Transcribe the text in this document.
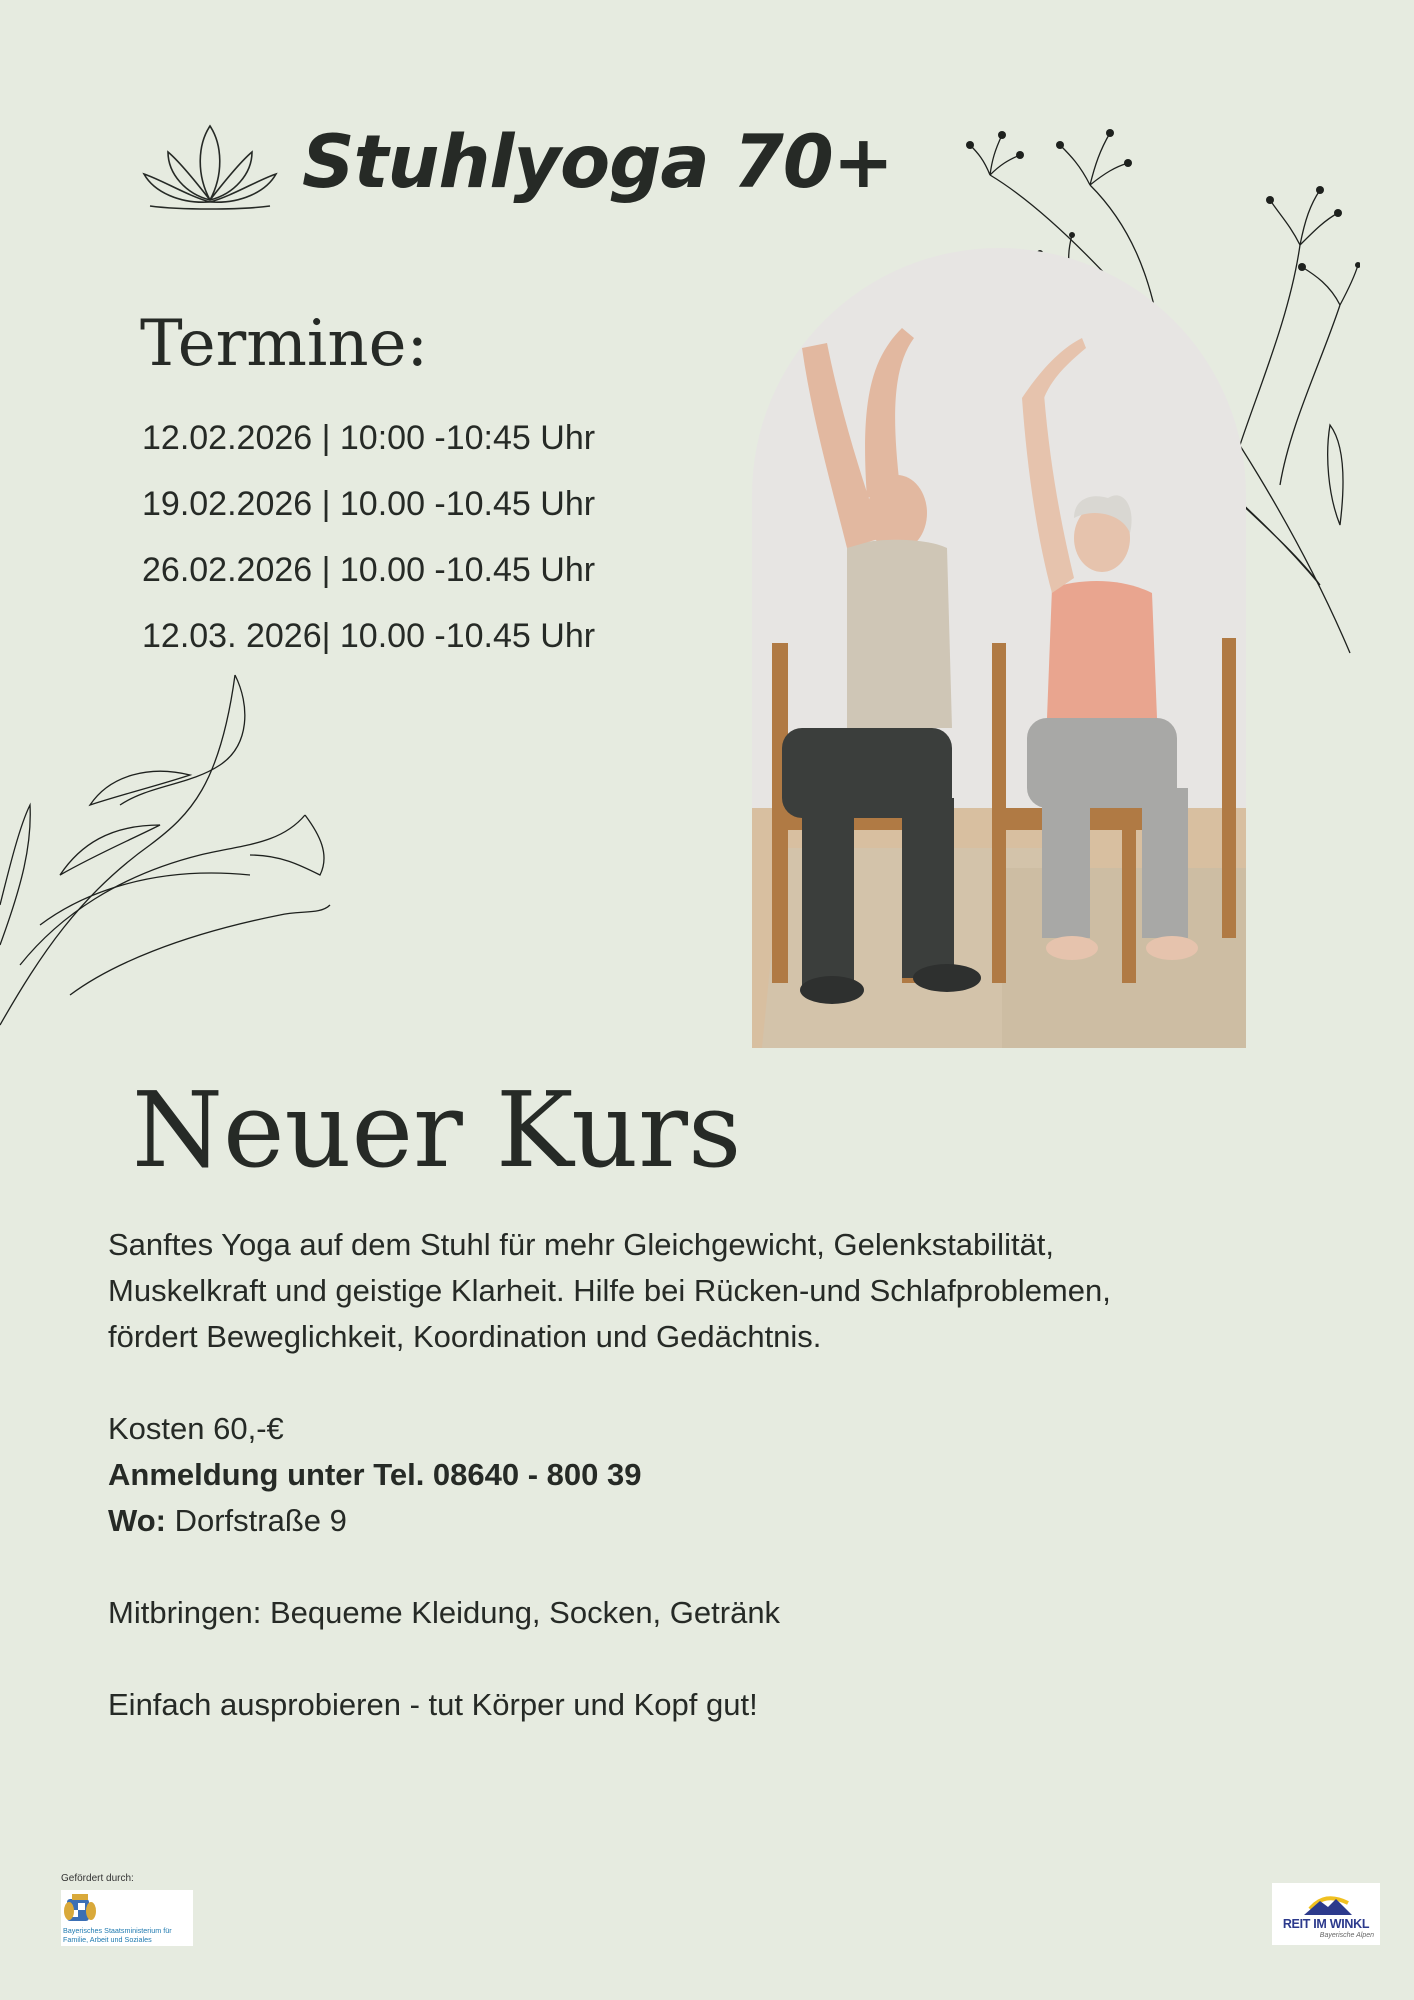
Stuhlyoga 70+
Termine:
12.02.2026 | 10:00 -10:45 Uhr
19.02.2026 | 10.00 -10.45 Uhr
26.02.2026 | 10.00 -10.45 Uhr
12.03. 2026| 10.00 -10.45 Uhr
Neuer Kurs

Sanftes Yoga auf dem Stuhl für mehr Gleichgewicht, Gelenkstabilität, Muskelkraft und geistige Klarheit. Hilfe bei Rücken-und Schlafproblemen, fördert Beweglichkeit, Koordination und Gedächtnis.

Kosten 60,-€

Anmeldung unter Tel. 08640 - 800 39

Wo: Dorfstraße 9

Mitbringen: Bequeme Kleidung, Socken, Getränk

Einfach ausprobieren - tut Körper und Kopf gut!

Gefördert durch:
Bayerisches Staatsministerium für Familie, Arbeit und Soziales
REIT IM WINKL
Bayerische Alpen
